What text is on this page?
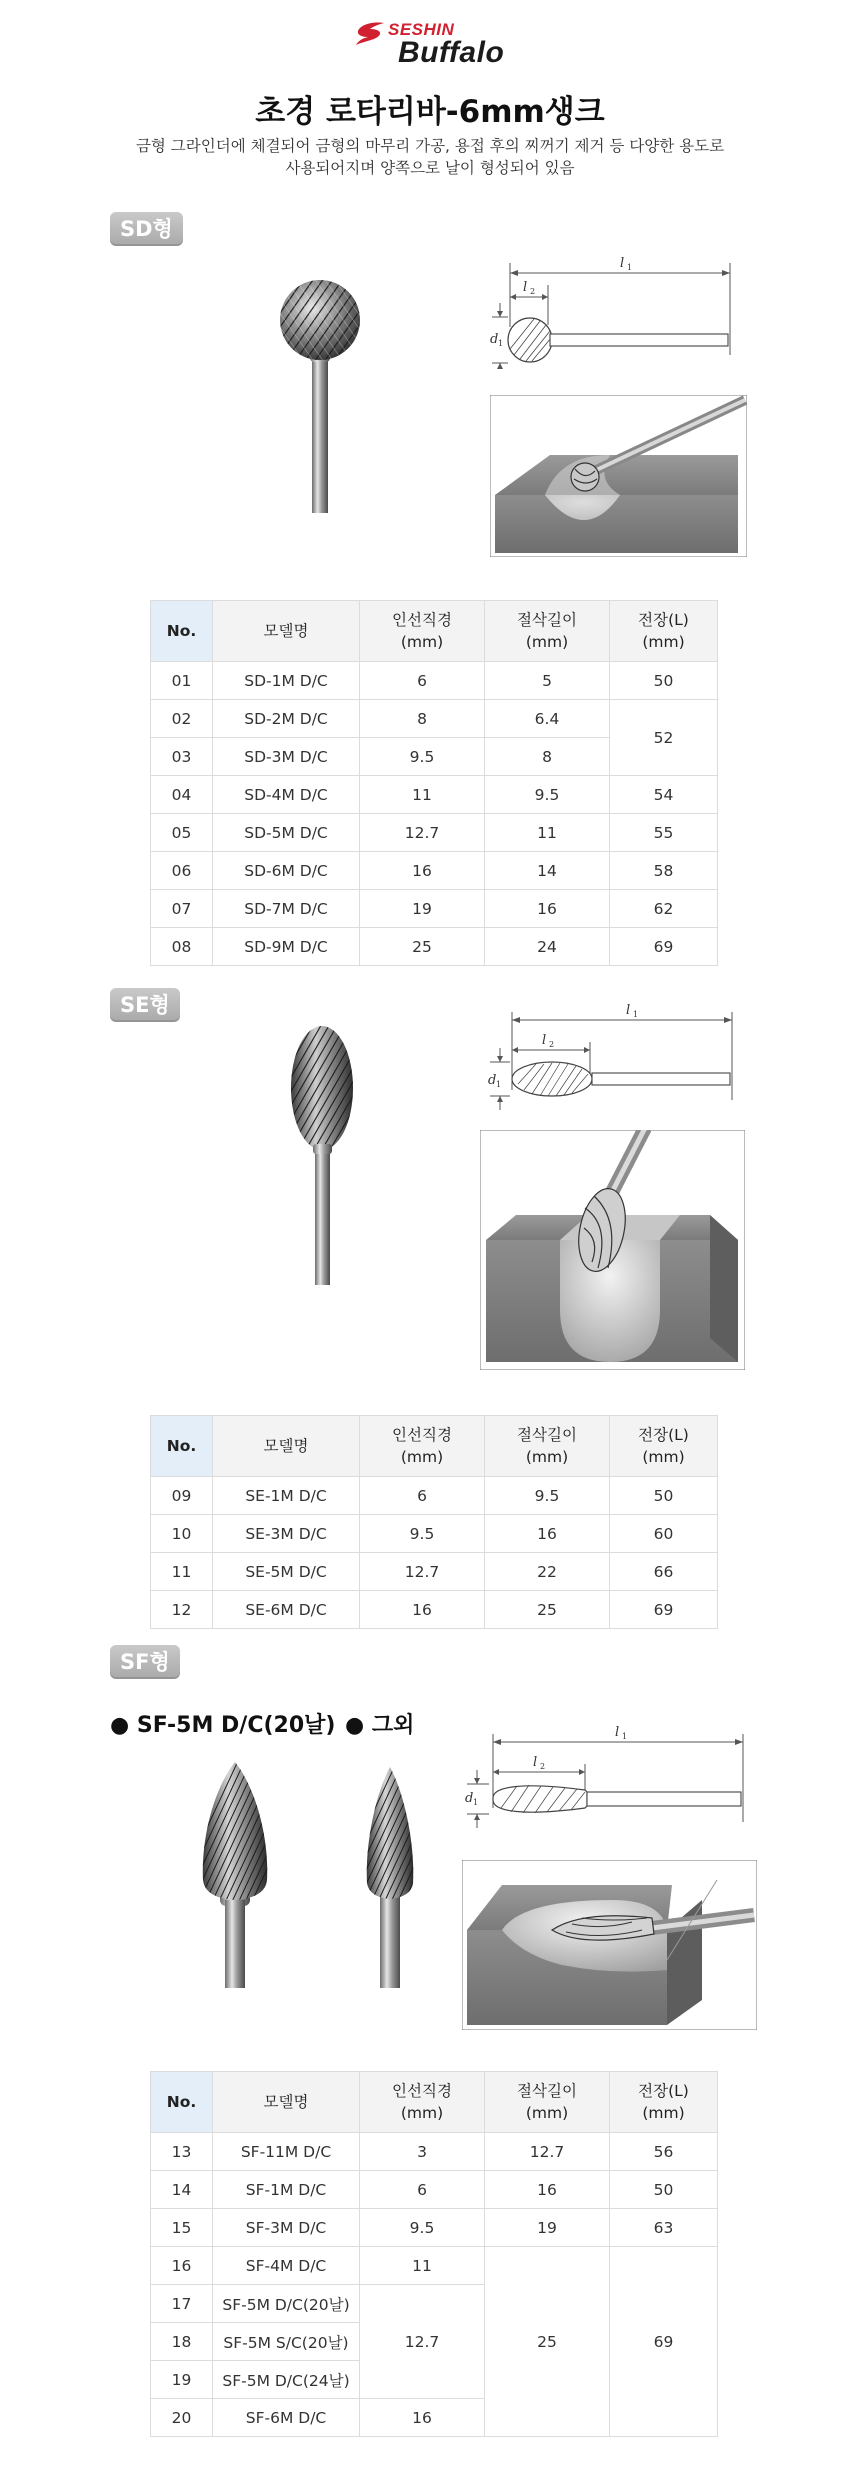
SESHIN
Buffalo
초경 로타리바-6mm생크
금형 그라인더에 체결되어 금형의 마무리 가공, 용접 후의 찌꺼기 제거 등 다양한 용도로
사용되어지며 양쪽으로 날이 형성되어 있음
SD형
l 1
l 2
d 1
No.	모델명	인선직경
(mm)	절삭길이
(mm)	전장(L)
(mm)
01	SD-1M D/C	6	5	50
02	SD-2M D/C	8	6.4	52
03	SD-3M D/C	9.5	8	
04	SD-4M D/C	11	9.5	54
05	SD-5M D/C	12.7	11	55
06	SD-6M D/C	16	14	58
07	SD-7M D/C	19	16	62
08	SD-9M D/C	25	24	69
SE형	l 1
l 2
d 1
No.	모델명	인선직경
(mm)	절삭길이
(mm)	전장(L)
(mm)
09	SE-1M D/C	6	9.5	50
10	SE-3M D/C	9.5	16	60
11	SE-5M D/C	12.7	22	66
12	SE-6M D/C	16	25	69
SF형
● SF-5M D/C(20날) ● 그외	l 1
l 2
d 1
No.	모델명	인선직경
(mm)	절삭길이
(mm)	전장(L)
(mm)
13	SF-11M D/C	3	12.7	56
14	SF-1M D/C	6	16	50
15	SF-3M D/C	9.5	19	63
16	SF-4M D/C	11	25	69
17	SF-5M D/C(20날)	12.7		
18	SF-5M S/C(20날)			
19	SF-5M D/C(24날)			
20	SF-6M D/C	16		
